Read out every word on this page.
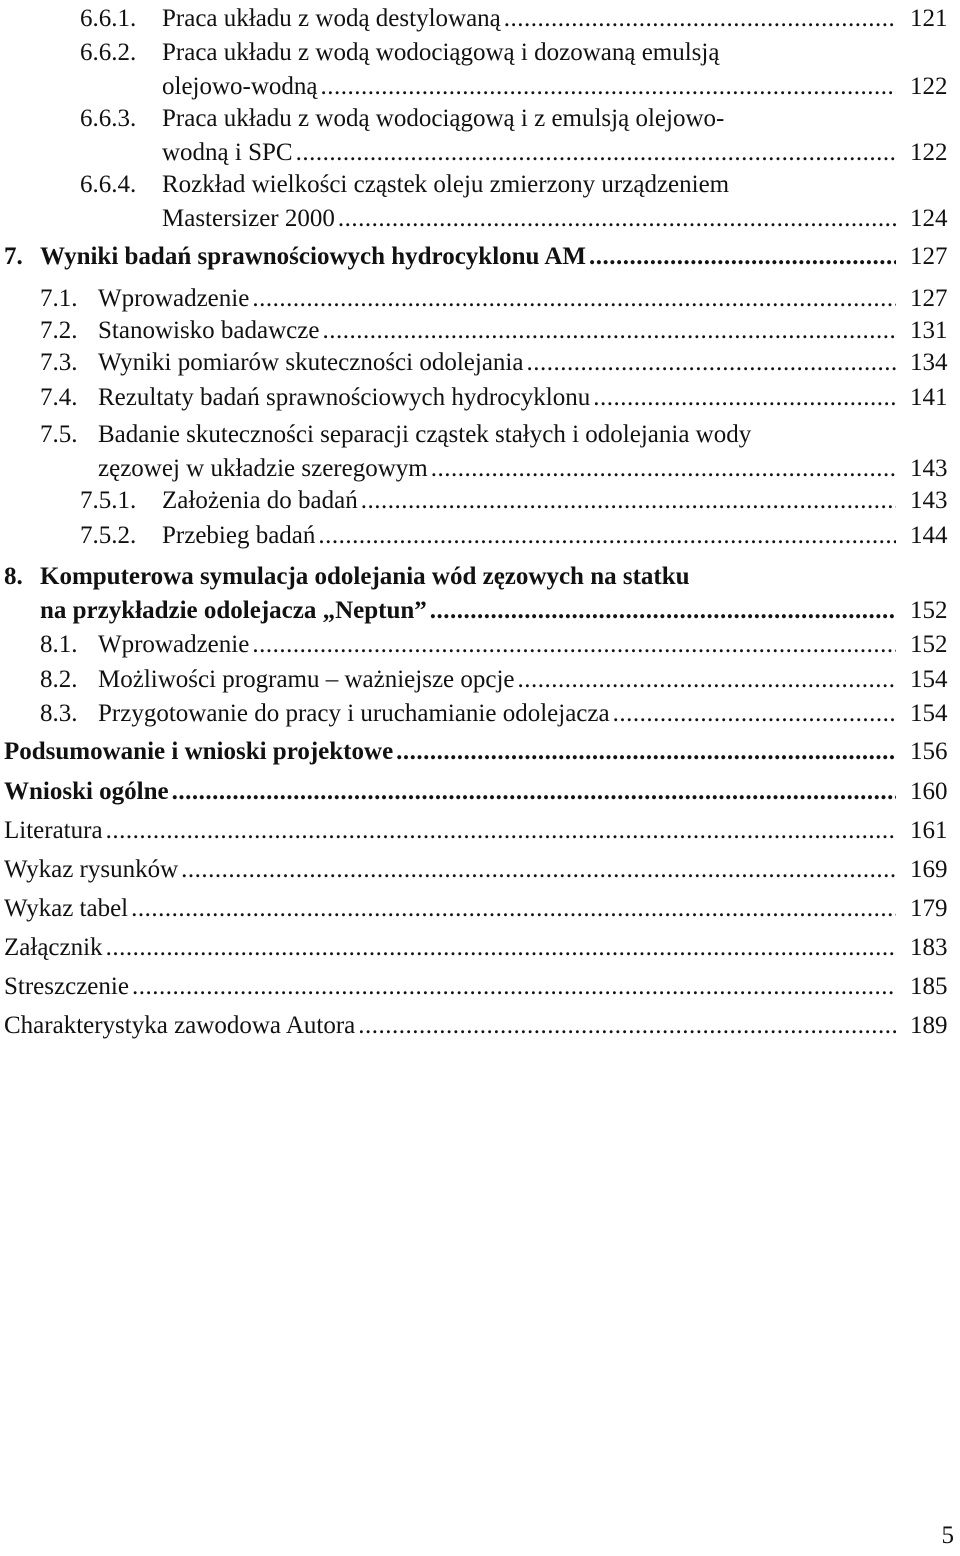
121
6.6.1. Praca układu z wodą destylowaną
.....
6.6.2. Praca układu z wodą wodociągową i dozowaną emulsją
122
olejowo-wodną
.....
6.6.3. Praca układu z wodą wodociągową i z emulsją olejowo-
122
wodną i SPC
.....
6.6.4. Rozkład wielkości cząstek oleju zmierzony urządzeniem
124
Mastersizer 2000
.....
127
7. Wyniki badań sprawnościowych hydrocyklonu AM
.....
127
7.1. Wprowadzenie
.....
131
7.2. Stanowisko badawcze
.....
134
7.3. Wyniki pomiarów skuteczności odolejania
.....
141
7.4. Rezultaty badań sprawnościowych hydrocyklonu
.....
7.5. Badanie skuteczności separacji cząstek stałych i odolejania wody
143
zęzowej w układzie szeregowym
.....
143
7.5.1. Założenia do badań
.....
144
7.5.2. Przebieg badań
.....
8. Komputerowa symulacja odolejania wód zęzowych na statku
152
na przykładzie odolejacza „Neptun”
.....
152
8.1. Wprowadzenie
.....
154
8.2. Możliwości programu – ważniejsze opcje
.....
154
8.3. Przygotowanie do pracy i uruchamianie odolejacza
.....
156
Podsumowanie i wnioski projektowe
.....
160
Wnioski ogólne
.....
161
Literatura
.....
169
Wykaz rysunków
.....
179
Wykaz tabel
.....
183
Załącznik
.....
185
Streszczenie
.....
189
Charakterystyka zawodowa Autora
.....
5
